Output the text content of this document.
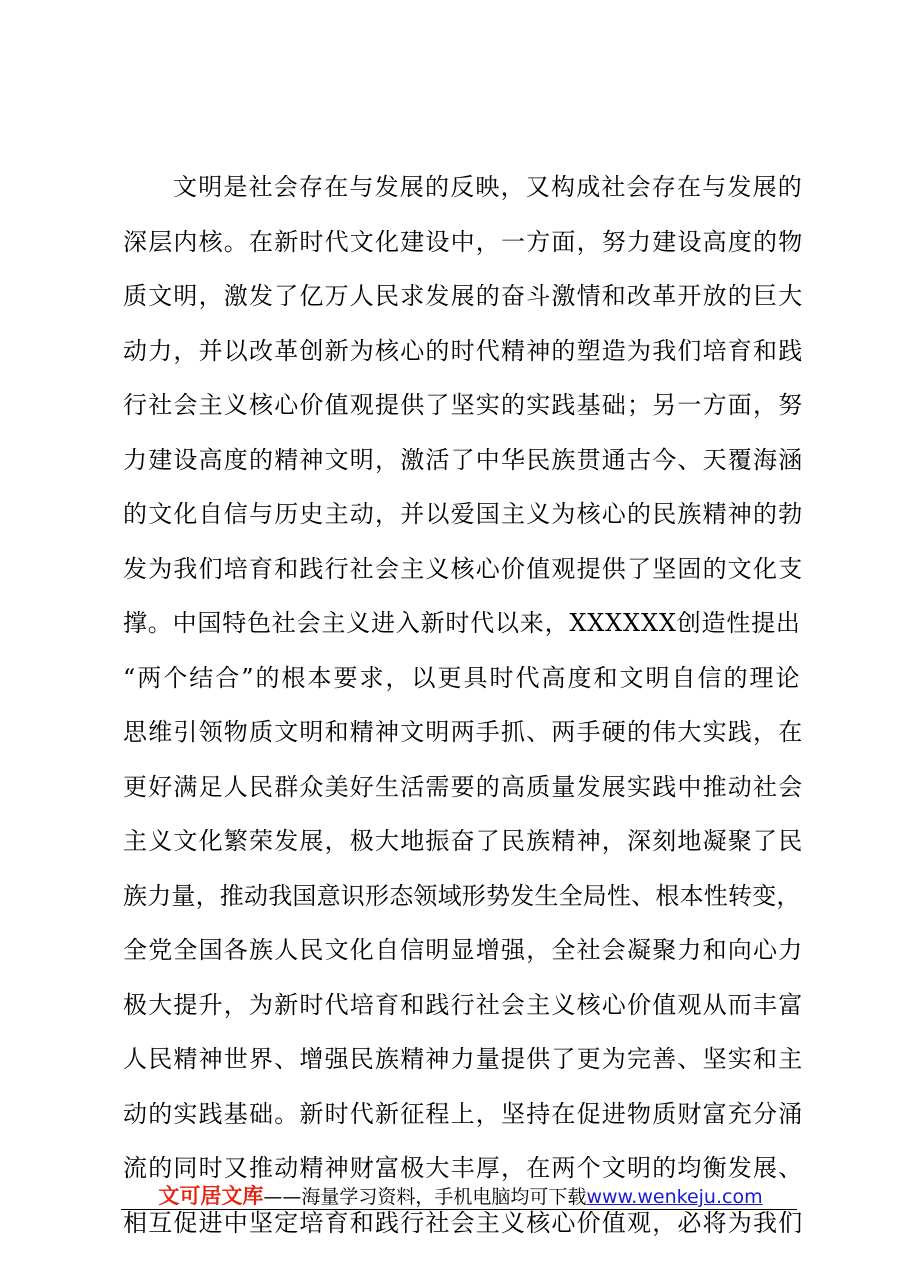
文明是社会存在与发展的反映，又构成社会存在与发展的
深层内核。在新时代文化建设中，一方面，努力建设高度的物
质文明，激发了亿万人民求发展的奋斗激情和改革开放的巨大
动力，并以改革创新为核心的时代精神的塑造为我们培育和践
行社会主义核心价值观提供了坚实的实践基础；另一方面，努
力建设高度的精神文明，激活了中华民族贯通古今、天覆海涵
的文化自信与历史主动，并以爱国主义为核心的民族精神的勃
发为我们培育和践行社会主义核心价值观提供了坚固的文化支
撑。中国特色社会主义进入新时代以来，XXXXXX创造性提出
“两个结合”的根本要求，以更具时代高度和文明自信的理论
思维引领物质文明和精神文明两手抓、两手硬的伟大实践，在
更好满足人民群众美好生活需要的高质量发展实践中推动社会
主义文化繁荣发展，极大地振奋了民族精神，深刻地凝聚了民
族力量，推动我国意识形态领域形势发生全局性、根本性转变，
全党全国各族人民文化自信明显增强，全社会凝聚力和向心力
极大提升，为新时代培育和践行社会主义核心价值观从而丰富
人民精神世界、增强民族精神力量提供了更为完善、坚实和主
动的实践基础。新时代新征程上，坚持在促进物质财富充分涌
流的同时又推动精神财富极大丰厚，在两个文明的均衡发展、
相互促进中坚定培育和践行社会主义核心价值观，必将为我们
文可居文库——海量学习资料，手机电脑均可下载www.wenkeju.com
